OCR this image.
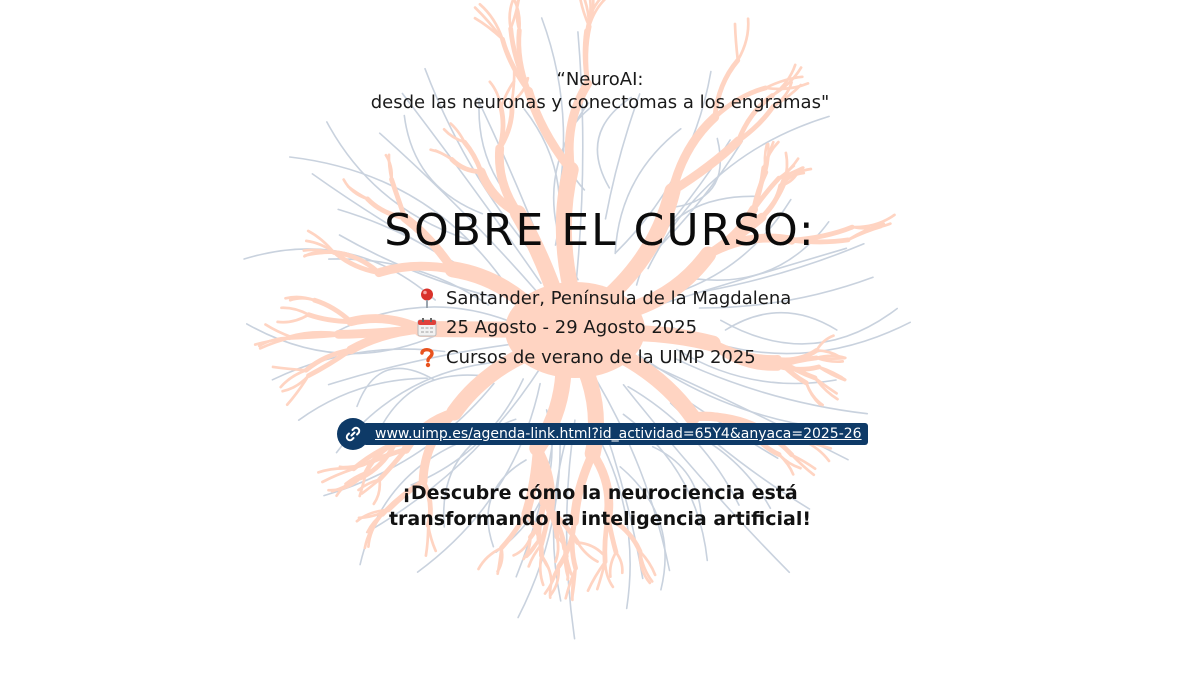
“NeuroAI:
desde las neuronas y conectomas a los engramas"
SOBRE EL CURSO:
Santander, Península de la Magdalena
25 Agosto - 29 Agosto 2025
Cursos de verano de la UIMP 2025
www.uimp.es/agenda-link.html?id_actividad=65Y4&anyaca=2025-26
¡Descubre cómo la neurociencia está
transformando la inteligencia artificial!
